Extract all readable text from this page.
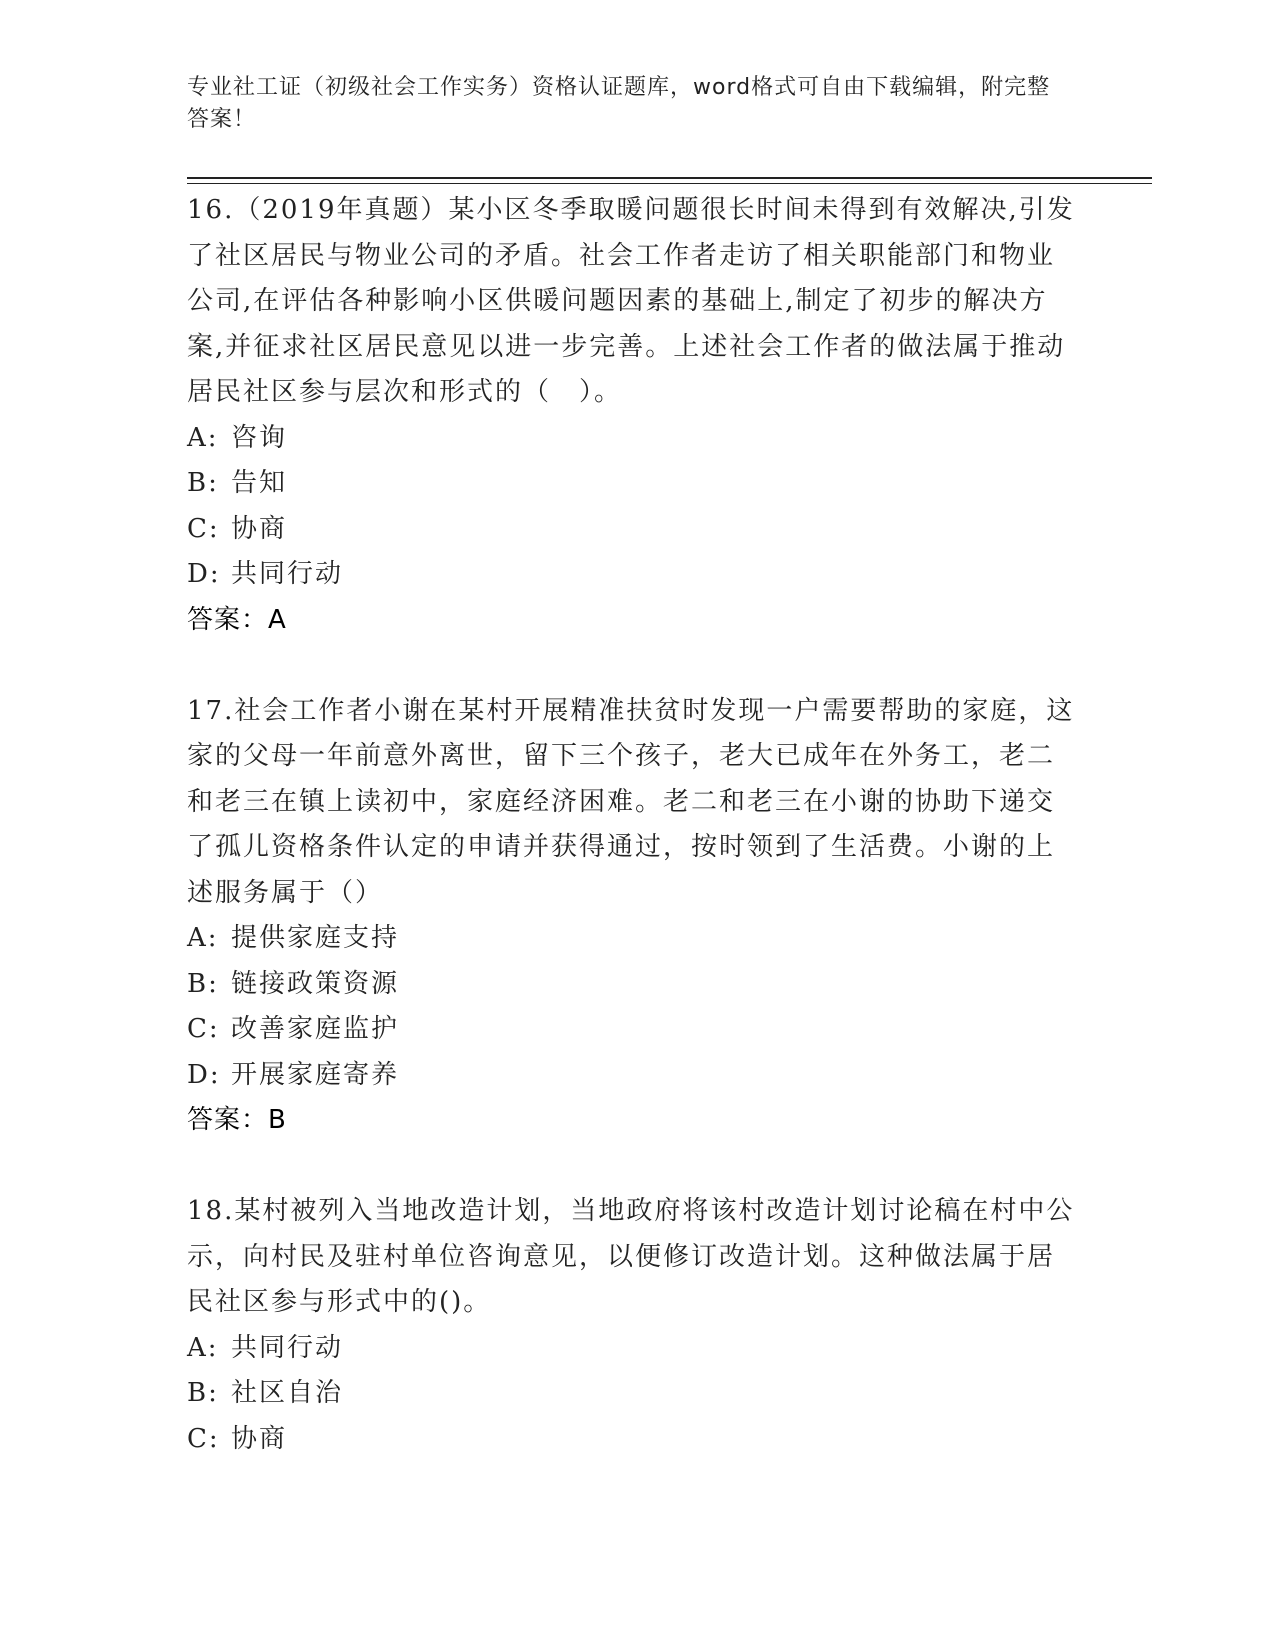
专业社工证（初级社会工作实务）资格认证题库，word格式可自由下载编辑，附完整答案！

16.（2019年真题）某小区冬季取暖问题很长时间未得到有效解决,引发了社区居民与物业公司的矛盾。社会工作者走访了相关职能部门和物业公司,在评估各种影响小区供暖问题因素的基础上,制定了初步的解决方案,并征求社区居民意见以进一步完善。上述社会工作者的做法属于推动居民社区参与层次和形式的（　）。

A: 咨询
B: 告知
C: 协商
D: 共同行动
答案：A

17.社会工作者小谢在某村开展精准扶贫时发现一户需要帮助的家庭，这家的父母一年前意外离世，留下三个孩子，老大已成年在外务工，老二和老三在镇上读初中，家庭经济困难。老二和老三在小谢的协助下递交了孤儿资格条件认定的申请并获得通过，按时领到了生活费。小谢的上述服务属于（）

A: 提供家庭支持
B: 链接政策资源
C: 改善家庭监护
D: 开展家庭寄养
答案：B

18.某村被列入当地改造计划，当地政府将该村改造计划讨论稿在村中公示，向村民及驻村单位咨询意见，以便修订改造计划。这种做法属于居民社区参与形式中的()。

A: 共同行动
B: 社区自治
C: 协商
